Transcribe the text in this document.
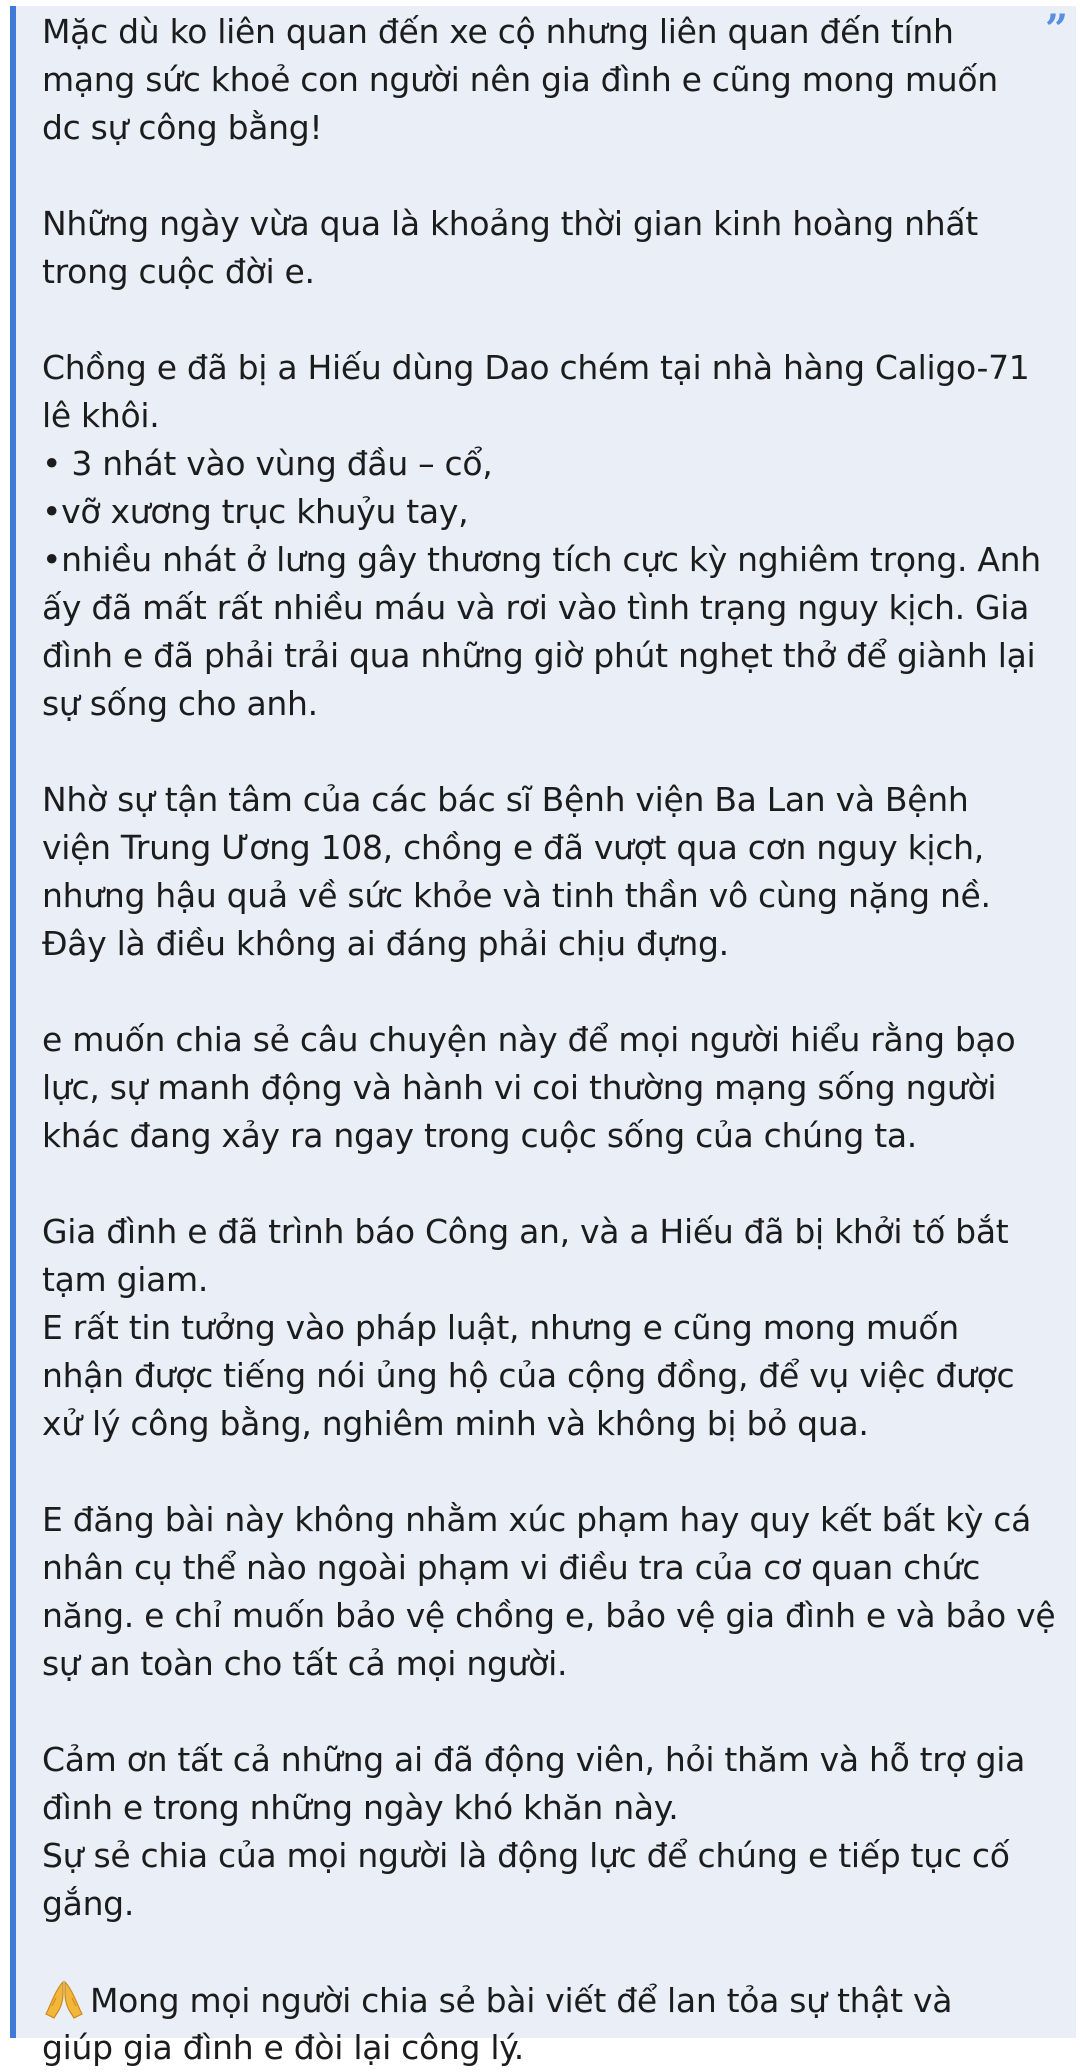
”
Mặc dù ko liên quan đến xe cộ nhưng liên quan đến tính
mạng sức khoẻ con người nên gia đình e cũng mong muốn
dc sự công bằng!
Những ngày vừa qua là khoảng thời gian kinh hoàng nhất
trong cuộc đời e.
Chồng e đã bị a Hiếu dùng Dao chém tại nhà hàng Caligo-71
lê khôi.
• 3 nhát vào vùng đầu – cổ,
•vỡ xương trục khuỷu tay,
•nhiều nhát ở lưng gây thương tích cực kỳ nghiêm trọng. Anh
ấy đã mất rất nhiều máu và rơi vào tình trạng nguy kịch. Gia
đình e đã phải trải qua những giờ phút nghẹt thở để giành lại
sự sống cho anh.
Nhờ sự tận tâm của các bác sĩ Bệnh viện Ba Lan và Bệnh
viện Trung Ương 108, chồng e đã vượt qua cơn nguy kịch,
nhưng hậu quả về sức khỏe và tinh thần vô cùng nặng nề.
Đây là điều không ai đáng phải chịu đựng.
e muốn chia sẻ câu chuyện này để mọi người hiểu rằng bạo
lực, sự manh động và hành vi coi thường mạng sống người
khác đang xảy ra ngay trong cuộc sống của chúng ta.
Gia đình e đã trình báo Công an, và a Hiếu đã bị khởi tố bắt
tạm giam.
E rất tin tưởng vào pháp luật, nhưng e cũng mong muốn
nhận được tiếng nói ủng hộ của cộng đồng, để vụ việc được
xử lý công bằng, nghiêm minh và không bị bỏ qua.
E đăng bài này không nhằm xúc phạm hay quy kết bất kỳ cá
nhân cụ thể nào ngoài phạm vi điều tra của cơ quan chức
năng. e chỉ muốn bảo vệ chồng e, bảo vệ gia đình e và bảo vệ
sự an toàn cho tất cả mọi người.
Cảm ơn tất cả những ai đã động viên, hỏi thăm và hỗ trợ gia
đình e trong những ngày khó khăn này.
Sự sẻ chia của mọi người là động lực để chúng e tiếp tục cố
gắng.
Mong mọi người chia sẻ bài viết để lan tỏa sự thật và
giúp gia đình e đòi lại công lý.
